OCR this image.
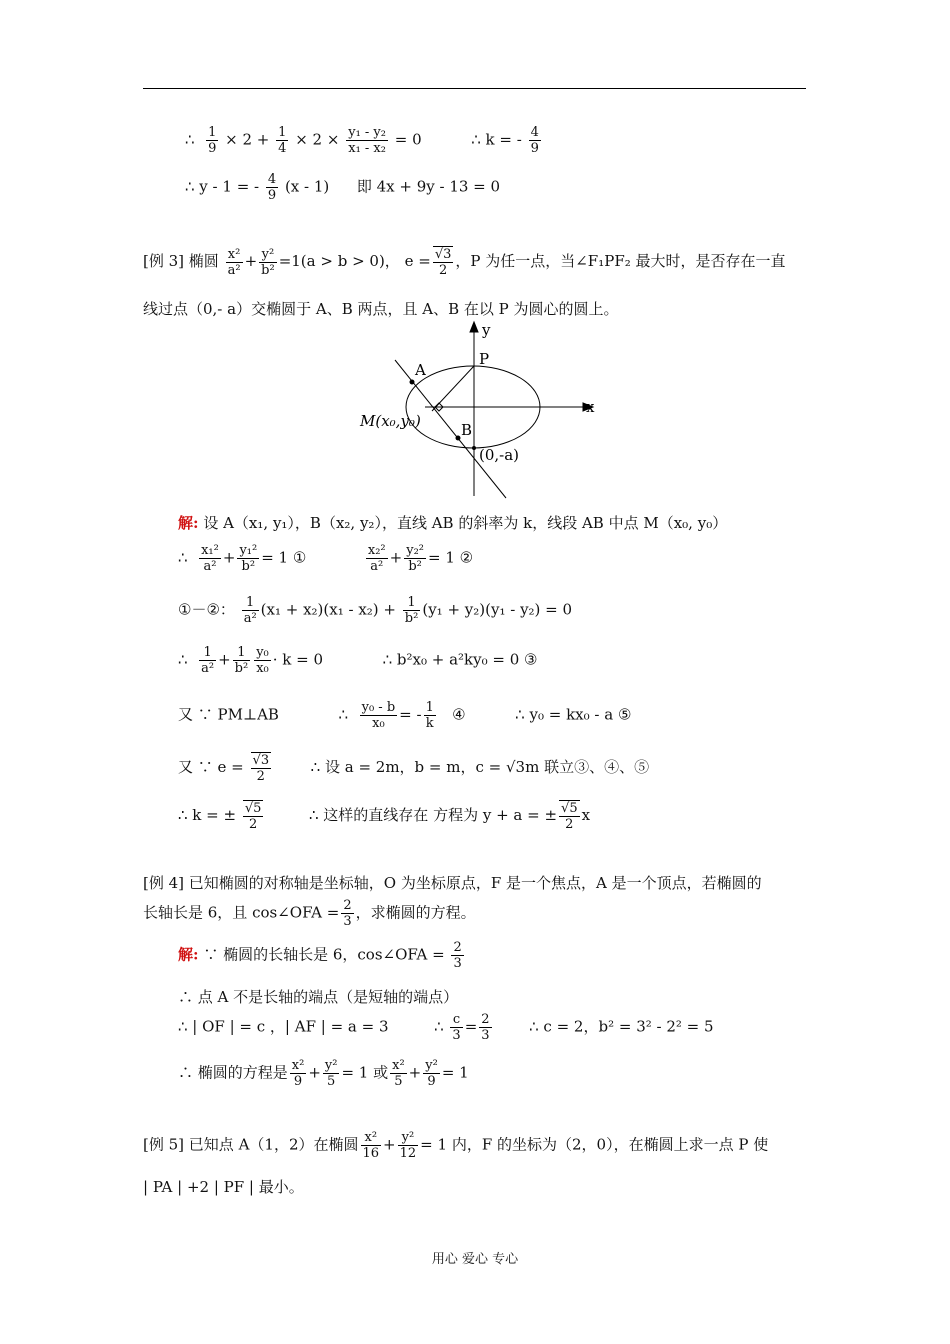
∴ $\frac{1}{9} \times 2 + \frac{1}{4} \times 2 \times \frac{\text{y₁ - y₂}}{\text{x₁ - x₂}} = 0$	∴ k = - $\frac{4}{9}$
∴ y - 1 = - $\frac{4}{9} (x - 1)$ 即 4x + 9y - 13 = 0
[例 3] 椭圆 $\frac{\text{x²}}{\text{a²}} + \frac{\text{y²}}{\text{b²}} =1(a > b > 0)$， $e = \frac{√3}{2}$ ，P 为任一点，当∠F₁PF₂ 最大时，是否存在一直
线过点（0,- a）交椭圆于 A、B 两点，且 A、B 在以 P 为圆心的圆上。
y
x
P
A
B
M(x₀,y₀)
(0,-a)
解: 设 A（x₁, y₁），B（x₂, y₂），直线 AB 的斜率为 k，线段 AB 中点 M（x₀, y₀）
∴ $\frac{\text{x₁²}}{\text{a²}} + \frac{\text{y₁²}}{\text{b²}} = 1$ ①	$\frac{\text{x₂²}}{\text{a²}} + \frac{\text{y₂²}}{\text{b²}} = 1$ ②
①－②： $\frac{1}{\text{a²}} (x_1 + x_2)(x_1 - x_2) + \frac{1}{\text{b²}} (y_1 + y_2)(y_1 - y_2) = 0$
∴ $\frac{1}{\text{a²}} + \frac{1}{\text{b²}} \frac{\text{y₀}}{\text{x₀}} \cdot k = 0$	∴ b²x₀ + a²ky₀ = 0 ③
又 ∵ PM⊥AB	∴ $\frac{\text{y₀ - b}}{\text{x₀}}$ = - $\frac{1}{k}$ ④	∴ y₀ = kx₀ - a ⑤
又 ∵ $e = \frac{√3}{2}$	∴ 设 a = 2m，b = m，c = √3m 联立③、④、⑤
∴ k = ± $\frac{√5}{2}$	∴ 这样的直线存在 方程为 y + a = ± $\frac{√5}{2}$ x
[例 4] 已知椭圆的对称轴是坐标轴，O 为坐标原点，F 是一个焦点，A 是一个顶点，若椭圆的
长轴长是 6，且 cos∠OFA = $\frac{2}{3}$ ，求椭圆的方程。
解: ∵ 椭圆的长轴长是 6，cos∠OFA = $\frac{2}{3}$
∴ 点 A 不是长轴的端点（是短轴的端点）
∴ | OF | = c ，| AF | = a = 3	∴ $\frac{c}{3} = \frac{2}{3}$	∴ c = 2，b² = 3² - 2² = 5
∴ 椭圆的方程是 $\frac{\text{x²}}{9} + \frac{\text{y²}}{5} = 1$ 或 $\frac{\text{x²}}{5} + \frac{\text{y²}}{9} = 1$
[例 5] 已知点 A（1，2）在椭圆 $\frac{\text{x²}}{16} + \frac{\text{y²}}{12} = 1$ 内，F 的坐标为（2，0），在椭圆上求一点 P 使
| PA | +2 | PF | 最小。
用心 爱心 专心
